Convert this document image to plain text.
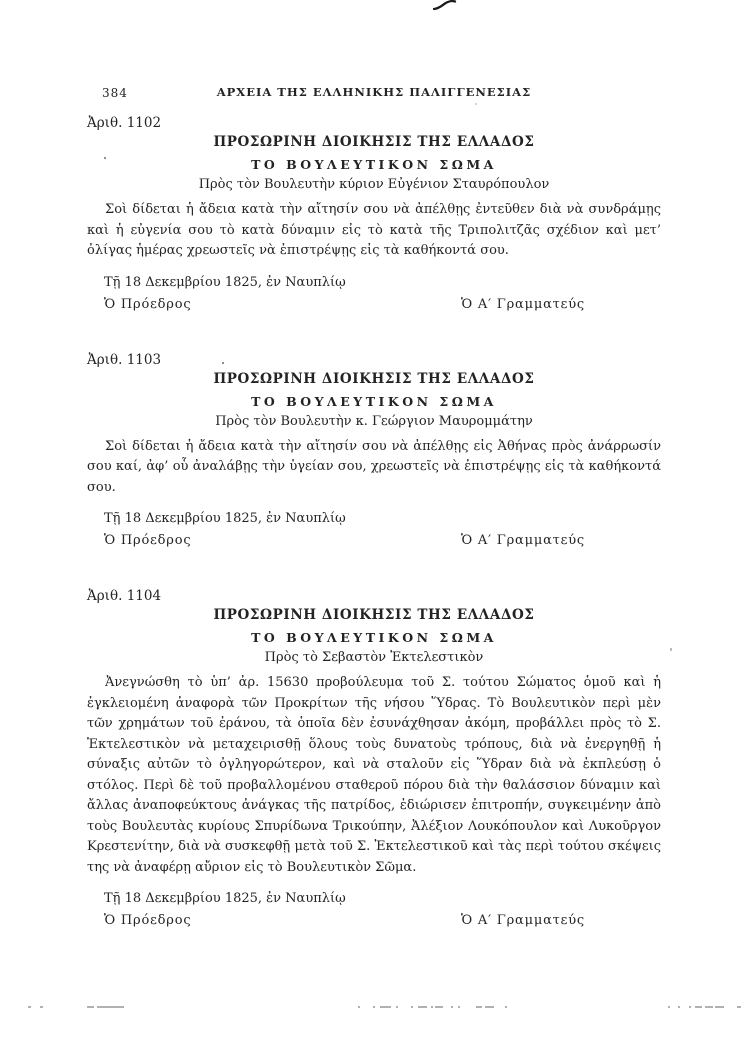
384	ΑΡΧΕΙΑ ΤΗΣ ΕΛΛΗΝΙΚΗΣ ΠΑΛΙΓΓΕΝΕΣΙΑΣ
Ἀριθ. 1102
ΠΡΟΣΩΡΙΝΗ ΔΙΟΙΚΗΣΙΣ ΤΗΣ ΕΛΛΑΔΟΣ
ΤΟ ΒΟΥΛΕΥΤΙΚΟΝ ΣΩΜΑ
Πρὸς τὸν Βουλευτὴν κύριον Εὐγένιον Σταυρόπουλον

Σοὶ δίδεται ἡ ἄδεια κατὰ τὴν αἴτησίν σου νὰ ἀπέλθῃς ἐντεῦθεν διὰ νὰ συνδράμῃς καὶ ἡ εὐγενία σου τὸ κατὰ δύναμιν εἰς τὸ κατὰ τῆς Τριπολιτζᾶς σχέδιον καὶ μετ’ ὀλίγας ἡμέρας χρεωστεῖς νὰ ἐπιστρέψῃς εἰς τὰ καθήκοντά σου.

Τῇ 18 Δεκεμβρίου 1825, ἐν Ναυπλίῳ
Ὁ Πρόεδρος	Ὁ Α′ Γραμματεύς
Ἀριθ. 1103
ΠΡΟΣΩΡΙΝΗ ΔΙΟΙΚΗΣΙΣ ΤΗΣ ΕΛΛΑΔΟΣ
ΤΟ ΒΟΥΛΕΥΤΙΚΟΝ ΣΩΜΑ
Πρὸς τὸν Βουλευτὴν κ. Γεώργιον Μαυρομμάτην

Σοὶ δίδεται ἡ ἄδεια κατὰ τὴν αἴτησίν σου νὰ ἀπέλθῃς εἰς Ἀθήνας πρὸς ἀνάρρωσίν σου καί, ἀφ’ οὗ ἀναλάβῃς τὴν ὑγείαν σου, χρεωστεῖς νὰ ἐπιστρέψῃς εἰς τὰ καθήκοντά σου.

Τῇ 18 Δεκεμβρίου 1825, ἐν Ναυπλίῳ
Ὁ Πρόεδρος	Ὁ Α′ Γραμματεύς
Ἀριθ. 1104
ΠΡΟΣΩΡΙΝΗ ΔΙΟΙΚΗΣΙΣ ΤΗΣ ΕΛΛΑΔΟΣ
ΤΟ ΒΟΥΛΕΥΤΙΚΟΝ ΣΩΜΑ
Πρὸς τὸ Σεβαστὸν Ἐκτελεστικὸν

Ἀνεγνώσθη τὸ ὑπ’ ἀρ. 15630 προβούλευμα τοῦ Σ. τούτου Σώματος ὁμοῦ καὶ ἡ ἐγκλειομένη ἀναφορὰ τῶν Προκρίτων τῆς νήσου Ὕδρας. Τὸ Βουλευτικὸν περὶ μὲν τῶν χρημάτων τοῦ ἐράνου, τὰ ὁποῖα δὲν ἐσυνάχθησαν ἀκόμη, προβάλλει πρὸς τὸ Σ. Ἐκτελεστικὸν νὰ μεταχειρισθῇ ὅλους τοὺς δυνατοὺς τρόπους, διὰ νὰ ἐνεργηθῇ ἡ σύναξις αὐτῶν τὸ ὀγληγορώτερον, καὶ νὰ σταλοῦν εἰς Ὕδραν διὰ νὰ ἐκπλεύσῃ ὁ στόλος. Περὶ δὲ τοῦ προβαλλομένου σταθεροῦ πόρου διὰ τὴν θαλάσσιον δύναμιν καὶ ἄλλας ἀναποφεύκτους ἀνάγκας τῆς πατρίδος, ἐδιώρισεν ἐπιτροπήν, συγκειμένην ἀπὸ τοὺς Βουλευτὰς κυρίους Σπυρίδωνα Τρικούπην, Ἀλέξιον Λουκόπουλον καὶ Λυκοῦργον Κρεστενίτην, διὰ νὰ συσκεφθῇ μετὰ τοῦ Σ. Ἐκτελεστικοῦ καὶ τὰς περὶ τούτου σκέψεις της νὰ ἀναφέρῃ αὔριον εἰς τὸ Βουλευτικὸν Σῶμα.

Τῇ 18 Δεκεμβρίου 1825, ἐν Ναυπλίῳ
Ὁ Πρόεδρος	Ὁ Α′ Γραμματεύς
